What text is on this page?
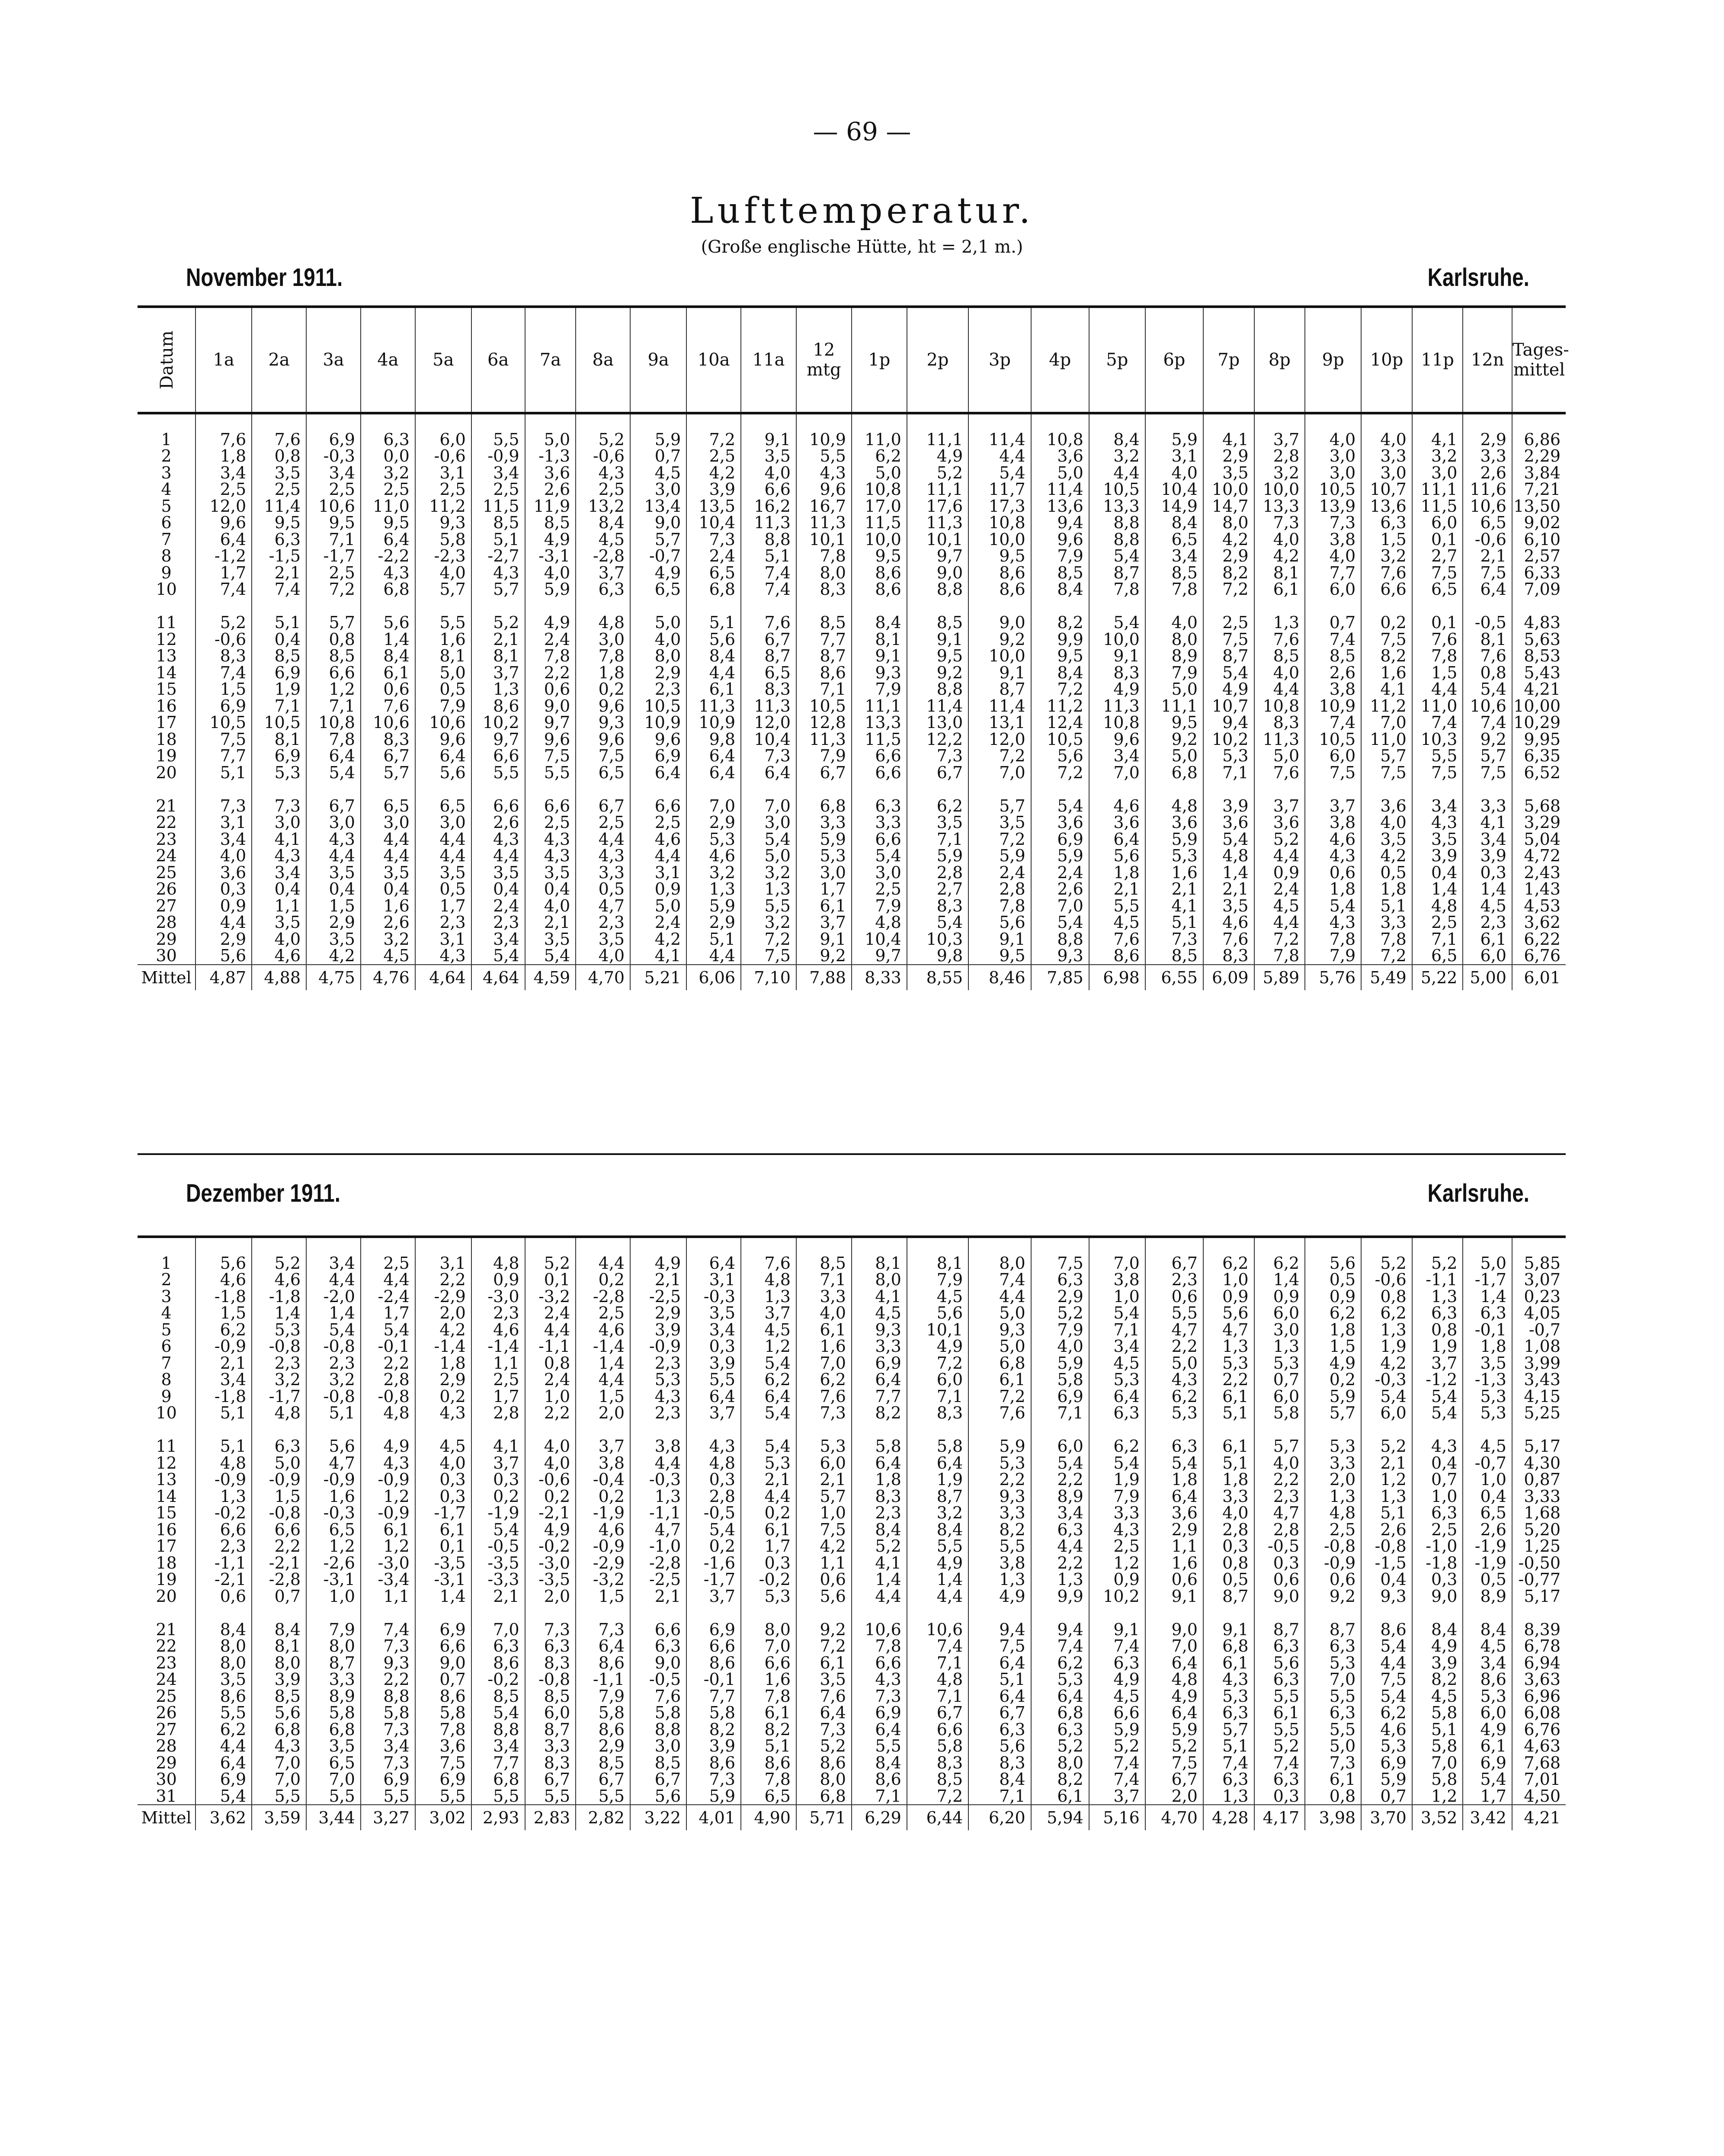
— 69 —
Lufttemperatur.
(Große englische Hütte, ht = 2,1 m.)
November 1911.	Karlsruhe.
Datum	1a	2a	3a	4a	5a	6a	7a	8a	9a	10a	11a	12 mtg	1p	2p	3p	4p	5p	6p	7p	8p	9p	10p	11p	12n	Tages-mittel

1	7,6	7,6	6,9	6,3	6,0	5,5	5,0	5,2	5,9	7,2	9,1	10,9	11,0	11,1	11,4	10,8	8,4	5,9	4,1	3,7	4,0	4,0	4,1	2,9	6,86
2	1,8	0,8	-0,3	0,0	-0,6	-0,9	-1,3	-0,6	0,7	2,5	3,5	5,5	6,2	4,9	4,4	3,6	3,2	3,1	2,9	2,8	3,0	3,3	3,2	3,3	2,29
3	3,4	3,5	3,4	3,2	3,1	3,4	3,6	4,3	4,5	4,2	4,0	4,3	5,0	5,2	5,4	5,0	4,4	4,0	3,5	3,2	3,0	3,0	3,0	2,6	3,84
4	2,5	2,5	2,5	2,5	2,5	2,5	2,6	2,5	3,0	3,9	6,6	9,6	10,8	11,1	11,7	11,4	10,5	10,4	10,0	10,0	10,5	10,7	11,1	11,6	7,21
5	12,0	11,4	10,6	11,0	11,2	11,5	11,9	13,2	13,4	13,5	16,2	16,7	17,0	17,6	17,3	13,6	13,3	14,9	14,7	13,3	13,9	13,6	11,5	10,6	13,50
6	9,6	9,5	9,5	9,5	9,3	8,5	8,5	8,4	9,0	10,4	11,3	11,3	11,5	11,3	10,8	9,4	8,8	8,4	8,0	7,3	7,3	6,3	6,0	6,5	9,02
7	6,4	6,3	7,1	6,4	5,8	5,1	4,9	4,5	5,7	7,3	8,8	10,1	10,0	10,1	10,0	9,6	8,8	6,5	4,2	4,0	3,8	1,5	0,1	-0,6	6,10
8	-1,2	-1,5	-1,7	-2,2	-2,3	-2,7	-3,1	-2,8	-0,7	2,4	5,1	7,8	9,5	9,7	9,5	7,9	5,4	3,4	2,9	4,2	4,0	3,2	2,7	2,1	2,57
9	1,7	2,1	2,5	4,3	4,0	4,3	4,0	3,7	4,9	6,5	7,4	8,0	8,6	9,0	8,6	8,5	8,7	8,5	8,2	8,1	7,7	7,6	7,5	7,5	6,33
10	7,4	7,4	7,2	6,8	5,7	5,7	5,9	6,3	6,5	6,8	7,4	8,3	8,6	8,8	8,6	8,4	7,8	7,8	7,2	6,1	6,0	6,6	6,5	6,4	7,09

11	5,2	5,1	5,7	5,6	5,5	5,2	4,9	4,8	5,0	5,1	7,6	8,5	8,4	8,5	9,0	8,2	5,4	4,0	2,5	1,3	0,7	0,2	0,1	-0,5	4,83
12	-0,6	0,4	0,8	1,4	1,6	2,1	2,4	3,0	4,0	5,6	6,7	7,7	8,1	9,1	9,2	9,9	10,0	8,0	7,5	7,6	7,4	7,5	7,6	8,1	5,63
13	8,3	8,5	8,5	8,4	8,1	8,1	7,8	7,8	8,0	8,4	8,7	8,7	9,1	9,5	10,0	9,5	9,1	8,9	8,7	8,5	8,5	8,2	7,8	7,6	8,53
14	7,4	6,9	6,6	6,1	5,0	3,7	2,2	1,8	2,9	4,4	6,5	8,6	9,3	9,2	9,1	8,4	8,3	7,9	5,4	4,0	2,6	1,6	1,5	0,8	5,43
15	1,5	1,9	1,2	0,6	0,5	1,3	0,6	0,2	2,3	6,1	8,3	7,1	7,9	8,8	8,7	7,2	4,9	5,0	4,9	4,4	3,8	4,1	4,4	5,4	4,21
16	6,9	7,1	7,1	7,6	7,9	8,6	9,0	9,6	10,5	11,3	11,3	10,5	11,1	11,4	11,4	11,2	11,3	11,1	10,7	10,8	10,9	11,2	11,0	10,6	10,00
17	10,5	10,5	10,8	10,6	10,6	10,2	9,7	9,3	10,9	10,9	12,0	12,8	13,3	13,0	13,1	12,4	10,8	9,5	9,4	8,3	7,4	7,0	7,4	7,4	10,29
18	7,5	8,1	7,8	8,3	9,6	9,7	9,6	9,6	9,6	9,8	10,4	11,3	11,5	12,2	12,0	10,5	9,6	9,2	10,2	11,3	10,5	11,0	10,3	9,2	9,95
19	7,7	6,9	6,4	6,7	6,4	6,6	7,5	7,5	6,9	6,4	7,3	7,9	6,6	7,3	7,2	5,6	3,4	5,0	5,3	5,0	6,0	5,7	5,5	5,7	6,35
20	5,1	5,3	5,4	5,7	5,6	5,5	5,5	6,5	6,4	6,4	6,4	6,7	6,6	6,7	7,0	7,2	7,0	6,8	7,1	7,6	7,5	7,5	7,5	7,5	6,52

21	7,3	7,3	6,7	6,5	6,5	6,6	6,6	6,7	6,6	7,0	7,0	6,8	6,3	6,2	5,7	5,4	4,6	4,8	3,9	3,7	3,7	3,6	3,4	3,3	5,68
22	3,1	3,0	3,0	3,0	3,0	2,6	2,5	2,5	2,5	2,9	3,0	3,3	3,3	3,5	3,5	3,6	3,6	3,6	3,6	3,6	3,8	4,0	4,3	4,1	3,29
23	3,4	4,1	4,3	4,4	4,4	4,3	4,3	4,4	4,6	5,3	5,4	5,9	6,6	7,1	7,2	6,9	6,4	5,9	5,4	5,2	4,6	3,5	3,5	3,4	5,04
24	4,0	4,3	4,4	4,4	4,4	4,4	4,3	4,3	4,4	4,6	5,0	5,3	5,4	5,9	5,9	5,9	5,6	5,3	4,8	4,4	4,3	4,2	3,9	3,9	4,72
25	3,6	3,4	3,5	3,5	3,5	3,5	3,5	3,3	3,1	3,2	3,2	3,0	3,0	2,8	2,4	2,4	1,8	1,6	1,4	0,9	0,6	0,5	0,4	0,3	2,43
26	0,3	0,4	0,4	0,4	0,5	0,4	0,4	0,5	0,9	1,3	1,3	1,7	2,5	2,7	2,8	2,6	2,1	2,1	2,1	2,4	1,8	1,8	1,4	1,4	1,43
27	0,9	1,1	1,5	1,6	1,7	2,4	4,0	4,7	5,0	5,9	5,5	6,1	7,9	8,3	7,8	7,0	5,5	4,1	3,5	4,5	5,4	5,1	4,8	4,5	4,53
28	4,4	3,5	2,9	2,6	2,3	2,3	2,1	2,3	2,4	2,9	3,2	3,7	4,8	5,4	5,6	5,4	4,5	5,1	4,6	4,4	4,3	3,3	2,5	2,3	3,62
29	2,9	4,0	3,5	3,2	3,1	3,4	3,5	3,5	4,2	5,1	7,2	9,1	10,4	10,3	9,1	8,8	7,6	7,3	7,6	7,2	7,8	7,8	7,1	6,1	6,22
30	5,6	4,6	4,2	4,5	4,3	5,4	5,4	4,0	4,1	4,4	7,5	9,2	9,7	9,8	9,5	9,3	8,6	8,5	8,3	7,8	7,9	7,2	6,5	6,0	6,76
Mittel	4,87	4,88	4,75	4,76	4,64	4,64	4,59	4,70	5,21	6,06	7,10	7,88	8,33	8,55	8,46	7,85	6,98	6,55	6,09	5,89	5,76	5,49	5,22	5,00	6,01
Dezember 1911.	Karlsruhe.

1	5,6	5,2	3,4	2,5	3,1	4,8	5,2	4,4	4,9	6,4	7,6	8,5	8,1	8,1	8,0	7,5	7,0	6,7	6,2	6,2	5,6	5,2	5,2	5,0	5,85
2	4,6	4,6	4,4	4,4	2,2	0,9	0,1	0,2	2,1	3,1	4,8	7,1	8,0	7,9	7,4	6,3	3,8	2,3	1,0	1,4	0,5	-0,6	-1,1	-1,7	3,07
3	-1,8	-1,8	-2,0	-2,4	-2,9	-3,0	-3,2	-2,8	-2,5	-0,3	1,3	3,3	4,1	4,5	4,4	2,9	1,0	0,6	0,9	0,9	0,9	0,8	1,3	1,4	0,23
4	1,5	1,4	1,4	1,7	2,0	2,3	2,4	2,5	2,9	3,5	3,7	4,0	4,5	5,6	5,0	5,2	5,4	5,5	5,6	6,0	6,2	6,2	6,3	6,3	4,05
5	6,2	5,3	5,4	5,4	4,2	4,6	4,4	4,6	3,9	3,4	4,5	6,1	9,3	10,1	9,3	7,9	7,1	4,7	4,7	3,0	1,8	1,3	0,8	-0,1	-0,7
6	-0,9	-0,8	-0,8	-0,1	-1,4	-1,4	-1,1	-1,4	-0,9	0,3	1,2	1,6	3,3	4,9	5,0	4,0	3,4	2,2	1,3	1,3	1,5	1,9	1,9	1,8	1,08
7	2,1	2,3	2,3	2,2	1,8	1,1	0,8	1,4	2,3	3,9	5,4	7,0	6,9	7,2	6,8	5,9	4,5	5,0	5,3	5,3	4,9	4,2	3,7	3,5	3,99
8	3,4	3,2	3,2	2,8	2,9	2,5	2,4	4,4	5,3	5,5	6,2	6,2	6,4	6,0	6,1	5,8	5,3	4,3	2,2	0,7	0,2	-0,3	-1,2	-1,3	3,43
9	-1,8	-1,7	-0,8	-0,8	0,2	1,7	1,0	1,5	4,3	6,4	6,4	7,6	7,7	7,1	7,2	6,9	6,4	6,2	6,1	6,0	5,9	5,4	5,4	5,3	4,15
10	5,1	4,8	5,1	4,8	4,3	2,8	2,2	2,0	2,3	3,7	5,4	7,3	8,2	8,3	7,6	7,1	6,3	5,3	5,1	5,8	5,7	6,0	5,4	5,3	5,25

11	5,1	6,3	5,6	4,9	4,5	4,1	4,0	3,7	3,8	4,3	5,4	5,3	5,8	5,8	5,9	6,0	6,2	6,3	6,1	5,7	5,3	5,2	4,3	4,5	5,17
12	4,8	5,0	4,7	4,3	4,0	3,7	4,0	3,8	4,4	4,8	5,3	6,0	6,4	6,4	5,3	5,4	5,4	5,4	5,1	4,0	3,3	2,1	0,4	-0,7	4,30
13	-0,9	-0,9	-0,9	-0,9	0,3	0,3	-0,6	-0,4	-0,3	0,3	2,1	2,1	1,8	1,9	2,2	2,2	1,9	1,8	1,8	2,2	2,0	1,2	0,7	1,0	0,87
14	1,3	1,5	1,6	1,2	0,3	0,2	0,2	0,2	1,3	2,8	4,4	5,7	8,3	8,7	9,3	8,9	7,9	6,4	3,3	2,3	1,3	1,3	1,0	0,4	3,33
15	-0,2	-0,8	-0,3	-0,9	-1,7	-1,9	-2,1	-1,9	-1,1	-0,5	0,2	1,0	2,3	3,2	3,3	3,4	3,3	3,6	4,0	4,7	4,8	5,1	6,3	6,5	1,68
16	6,6	6,6	6,5	6,1	6,1	5,4	4,9	4,6	4,7	5,4	6,1	7,5	8,4	8,4	8,2	6,3	4,3	2,9	2,8	2,8	2,5	2,6	2,5	2,6	5,20
17	2,3	2,2	1,2	1,2	0,1	-0,5	-0,2	-0,9	-1,0	0,2	1,7	4,2	5,2	5,5	5,5	4,4	2,5	1,1	0,3	-0,5	-0,8	-0,8	-1,0	-1,9	1,25
18	-1,1	-2,1	-2,6	-3,0	-3,5	-3,5	-3,0	-2,9	-2,8	-1,6	0,3	1,1	4,1	4,9	3,8	2,2	1,2	1,6	0,8	0,3	-0,9	-1,5	-1,8	-1,9	-0,50
19	-2,1	-2,8	-3,1	-3,4	-3,1	-3,3	-3,5	-3,2	-2,5	-1,7	-0,2	0,6	1,4	1,4	1,3	1,3	0,9	0,6	0,5	0,6	0,6	0,4	0,3	0,5	-0,77
20	0,6	0,7	1,0	1,1	1,4	2,1	2,0	1,5	2,1	3,7	5,3	5,6	4,4	4,4	4,9	9,9	10,2	9,1	8,7	9,0	9,2	9,3	9,0	8,9	5,17

21	8,4	8,4	7,9	7,4	6,9	7,0	7,3	7,3	6,6	6,9	8,0	9,2	10,6	10,6	9,4	9,4	9,1	9,0	9,1	8,7	8,7	8,6	8,4	8,4	8,39
22	8,0	8,1	8,0	7,3	6,6	6,3	6,3	6,4	6,3	6,6	7,0	7,2	7,8	7,4	7,5	7,4	7,4	7,0	6,8	6,3	6,3	5,4	4,9	4,5	6,78
23	8,0	8,0	8,7	9,3	9,0	8,6	8,3	8,6	9,0	8,6	6,6	6,1	6,6	7,1	6,4	6,2	6,3	6,4	6,1	5,6	5,3	4,4	3,9	3,4	6,94
24	3,5	3,9	3,3	2,2	0,7	-0,2	-0,8	-1,1	-0,5	-0,1	1,6	3,5	4,3	4,8	5,1	5,3	4,9	4,8	4,3	6,3	7,0	7,5	8,2	8,6	3,63
25	8,6	8,5	8,9	8,8	8,6	8,5	8,5	7,9	7,6	7,7	7,8	7,6	7,3	7,1	6,4	6,4	4,5	4,9	5,3	5,5	5,5	5,4	4,5	5,3	6,96
26	5,5	5,6	5,8	5,8	5,8	5,4	6,0	5,8	5,8	5,8	6,1	6,4	6,9	6,7	6,7	6,8	6,6	6,4	6,3	6,1	6,3	6,2	5,8	6,0	6,08
27	6,2	6,8	6,8	7,3	7,8	8,8	8,7	8,6	8,8	8,2	8,2	7,3	6,4	6,6	6,3	6,3	5,9	5,9	5,7	5,5	5,5	4,6	5,1	4,9	6,76
28	4,4	4,3	3,5	3,4	3,6	3,4	3,3	2,9	3,0	3,9	5,1	5,2	5,5	5,8	5,6	5,2	5,2	5,2	5,1	5,2	5,0	5,3	5,8	6,1	4,63
29	6,4	7,0	6,5	7,3	7,5	7,7	8,3	8,5	8,5	8,6	8,6	8,6	8,4	8,3	8,3	8,0	7,4	7,5	7,4	7,4	7,3	6,9	7,0	6,9	7,68
30	6,9	7,0	7,0	6,9	6,9	6,8	6,7	6,7	6,7	7,3	7,8	8,0	8,6	8,5	8,4	8,2	7,4	6,7	6,3	6,3	6,1	5,9	5,8	5,4	7,01
31	5,4	5,5	5,5	5,5	5,5	5,5	5,5	5,5	5,6	5,9	6,5	6,8	7,1	7,2	7,1	6,1	3,7	2,0	1,3	0,3	0,8	0,7	1,2	1,7	4,50
Mittel	3,62	3,59	3,44	3,27	3,02	2,93	2,83	2,82	3,22	4,01	4,90	5,71	6,29	6,44	6,20	5,94	5,16	4,70	4,28	4,17	3,98	3,70	3,52	3,42	4,21
